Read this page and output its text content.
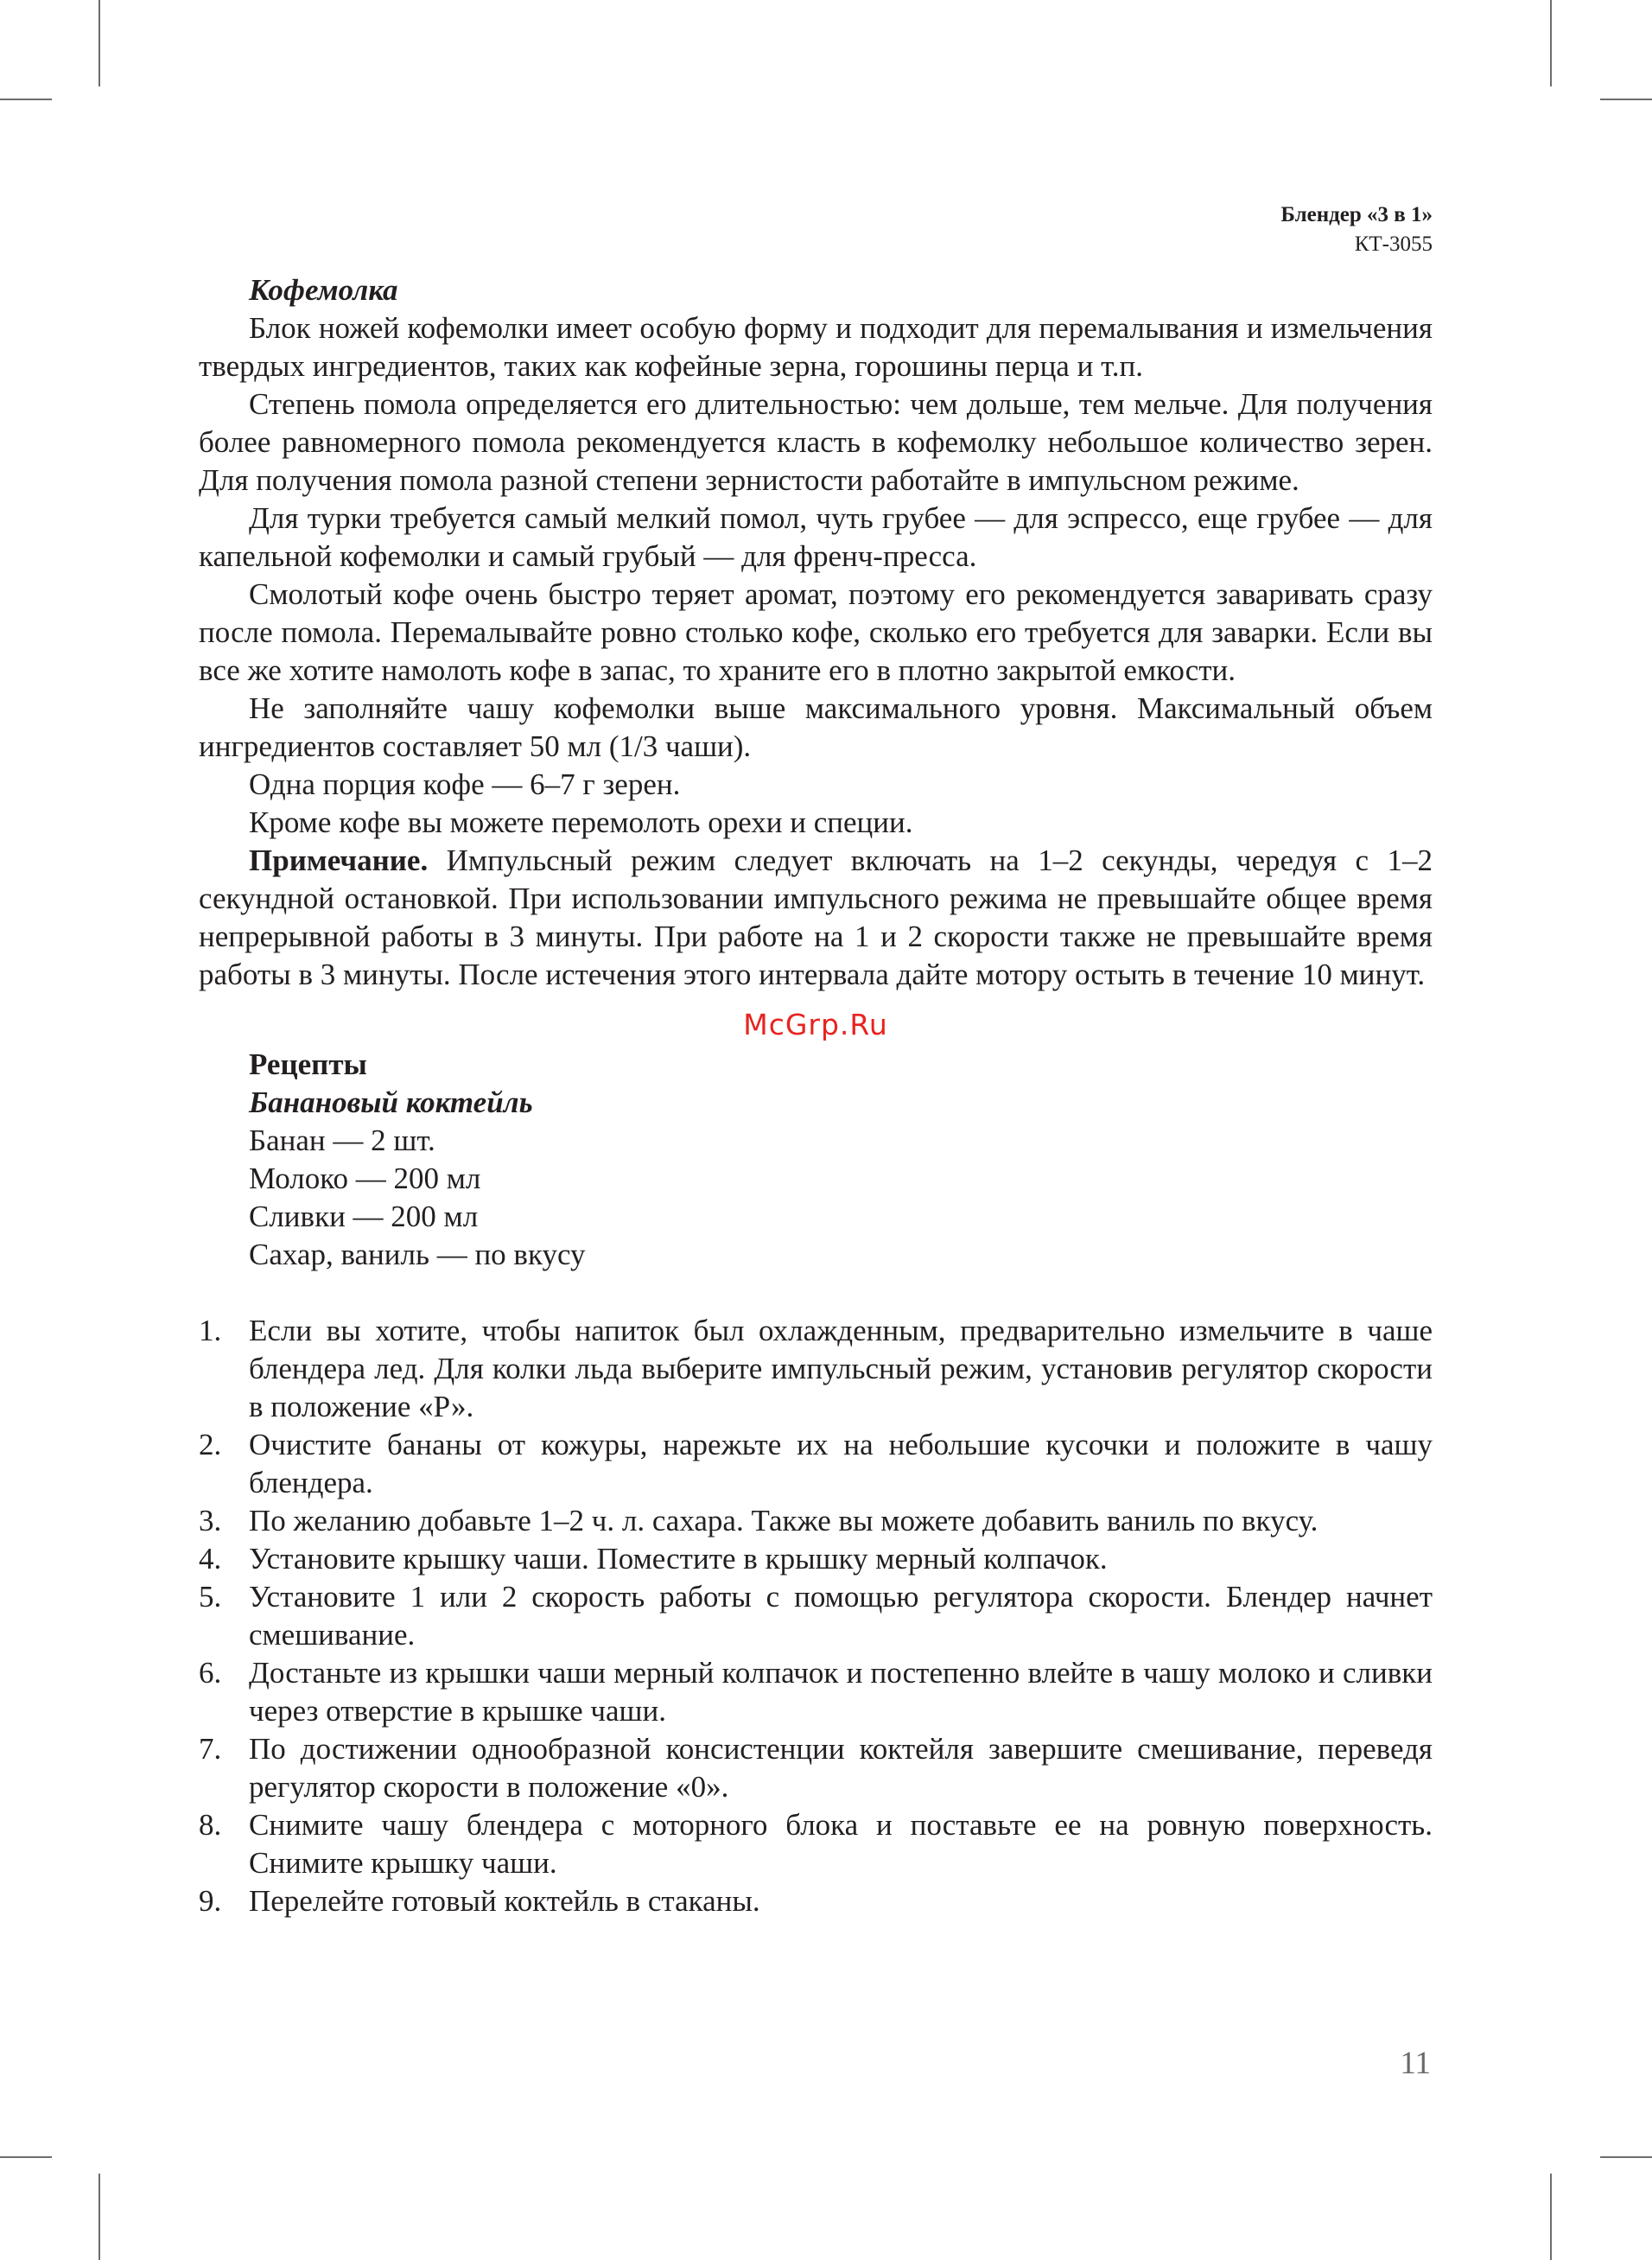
Блендер «3 в 1»
КТ-3055

Кофемолка

Блок ножей кофемолки имеет особую форму и подходит для перемалывания и измельчения твердых ингредиентов, таких как кофейные зерна, горошины перца и т.п.

Степень помола определяется его длительностью: чем дольше, тем мельче. Для получения более равномерного помола рекомендуется класть в кофемолку небольшое количество зерен. Для получения помола разной степени зернистости работайте в импульсном режиме.

Для турки требуется самый мелкий помол, чуть грубее — для эспрессо, еще грубее — для капельной кофемолки и самый грубый — для френч-пресса.

Смолотый кофе очень быстро теряет аромат, поэтому его рекомендуется заваривать сразу после помола. Перемалывайте ровно столько кофе, сколько его требуется для заварки. Если вы все же хотите намолоть кофе в запас, то храните его в плотно закрытой емкости.

Не заполняйте чашу кофемолки выше максимального уровня. Максимальный объем ингредиентов составляет 50 мл (1/3 чаши).

Одна порция кофе — 6–7 г зерен.

Кроме кофе вы можете перемолоть орехи и специи.

Примечание. Импульсный режим следует включать на 1–2 секунды, чередуя с 1–2 секундной остановкой. При использовании импульсного режима не превышайте общее время непрерывной работы в 3 минуты. При работе на 1 и 2 скорости также не превышайте время работы в 3 минуты. После истечения этого интервала дайте мотору остыть в течение 10 минут.

McGrp.Ru

Рецепты

Банановый коктейль

Банан — 2 шт.
Молоко — 200 мл
Сливки — 200 мл
Сахар, ваниль — по вкусу
1. Если вы хотите, чтобы напиток был охлажденным, предварительно измельчите в чаше блендера лед. Для колки льда выберите импульсный режим, установив регулятор скорости в положение «Р».
2. Очистите бананы от кожуры, нарежьте их на небольшие кусочки и положите в чашу блендера.
3. По желанию добавьте 1–2 ч. л. сахара. Также вы можете добавить ваниль по вкусу.
4. Установите крышку чаши. Поместите в крышку мерный колпачок.
5. Установите 1 или 2 скорость работы с помощью регулятора скорости. Блендер начнет смешивание.
6. Достаньте из крышки чаши мерный колпачок и постепенно влейте в чашу молоко и сливки через отверстие в крышке чаши.
7. По достижении однообразной консистенции коктейля завершите смешивание, переведя регулятор скорости в положение «0».
8. Снимите чашу блендера с моторного блока и поставьте ее на ровную поверхность. Снимите крышку чаши.
9. Перелейте готовый коктейль в стаканы.
11
